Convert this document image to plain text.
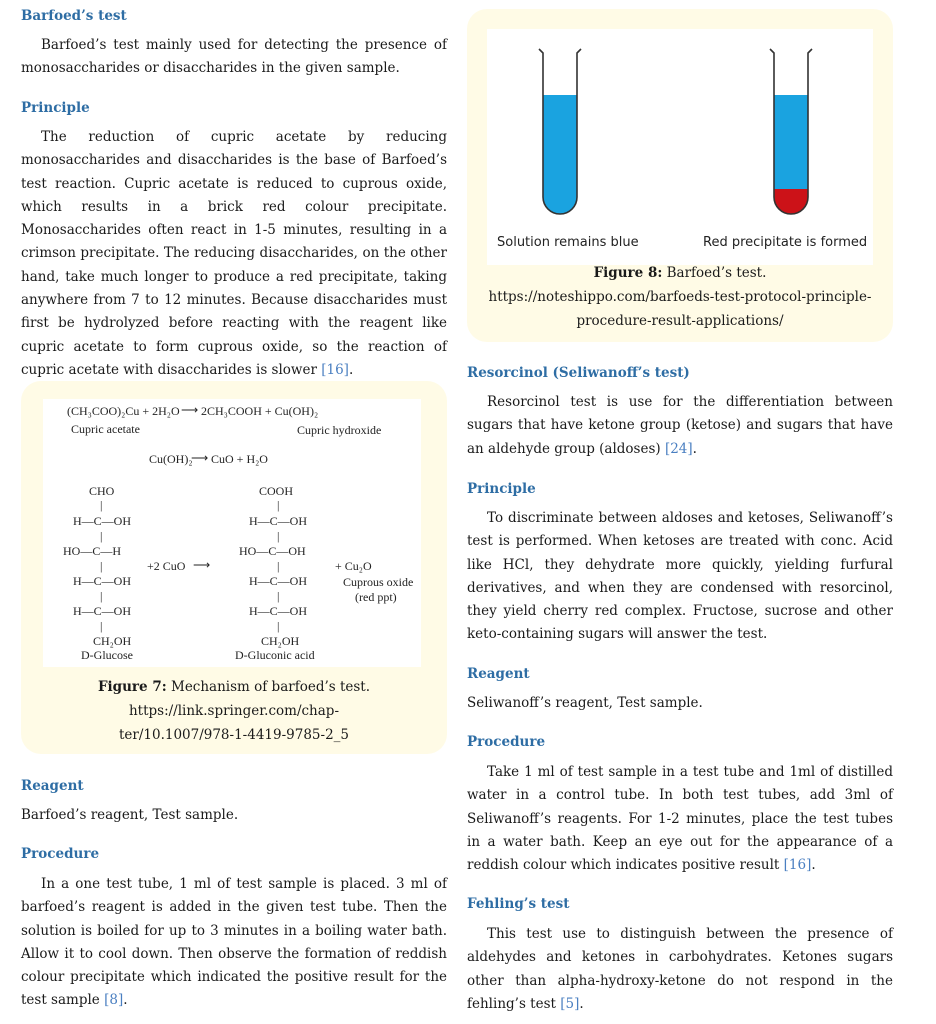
Barfoed’s test

Barfoed’s test mainly used for detecting the presence of monosaccharides or disaccharides in the given sample.

Principle

The reduction of cupric acetate by reducing monosaccharides and disaccharides is the base of Barfoed’s test reaction. Cupric acetate is reduced to cuprous oxide, which results in a brick red colour precipitate. Monosaccharides often react in 1-5 minutes, resulting in a crimson precipitate. The reducing disaccharides, on the other hand, take much longer to produce a red precipitate, taking anywhere from 7 to 12 minutes. Because disaccharides must first be hydrolyzed before reacting with the reagent like cupric acetate to form cuprous oxide, so the reaction of cupric acetate with disaccharides is slower [16].

(CH₃COO)₂Cu + 2H₂O ⟶ 2CH₃COOH + Cu(OH)₂
Cupric acetate	Cupric hydroxide
Cu(OH)₂
⟶ CuO + H₂O
CHO
|
H—C—OH
|
HO—C—H
|
H—C—OH
|
H—C—OH
|
CH₂OH
D-Glucose
+2 CuO ⟶
COOH
|
H—C—OH
|
HO—C—OH
|
H—C—OH
|
H—C—OH
|
CH₂OH
D-Gluconic acid
+ Cu₂O
Cuprous oxide
(red ppt)
Figure 7: Mechanism of barfoed’s test.
https://link.springer.com/chap-
ter/10.1007/978-1-4419-9785-2_5
Reagent

Barfoed’s reagent, Test sample.

Procedure

In a one test tube, 1 ml of test sample is placed. 3 ml of barfoed’s reagent is added in the given test tube. Then the solution is boiled for up to 3 minutes in a boiling water bath. Allow it to cool down. Then observe the formation of reddish colour precipitate which indicated the positive result for the test sample [8].

Solution remains blue	Red precipitate is formed
Figure 8: Barfoed’s test.
https://noteshippo.com/barfoeds-test-protocol-principle-
procedure-result-applications/
Resorcinol (Seliwanoff’s test)

Resorcinol test is use for the differentiation between sugars that have ketone group (ketose) and sugars that have an aldehyde group (aldoses) [24].

Principle

To discriminate between aldoses and ketoses, Seliwanoff’s test is performed. When ketoses are treated with conc. Acid like HCl, they dehydrate more quickly, yielding furfural derivatives, and when they are condensed with resorcinol, they yield cherry red complex. Fructose, sucrose and other keto-containing sugars will answer the test.

Reagent

Seliwanoff’s reagent, Test sample.

Procedure

Take 1 ml of test sample in a test tube and 1ml of distilled water in a control tube. In both test tubes, add 3ml of Seliwanoff’s reagents. For 1-2 minutes, place the test tubes in a water bath. Keep an eye out for the appearance of a reddish colour which indicates positive result [16].

Fehling’s test

This test use to distinguish between the presence of aldehydes and ketones in carbohydrates. Ketones sugars other than alpha-hydroxy-ketone do not respond in the fehling’s test [5].
